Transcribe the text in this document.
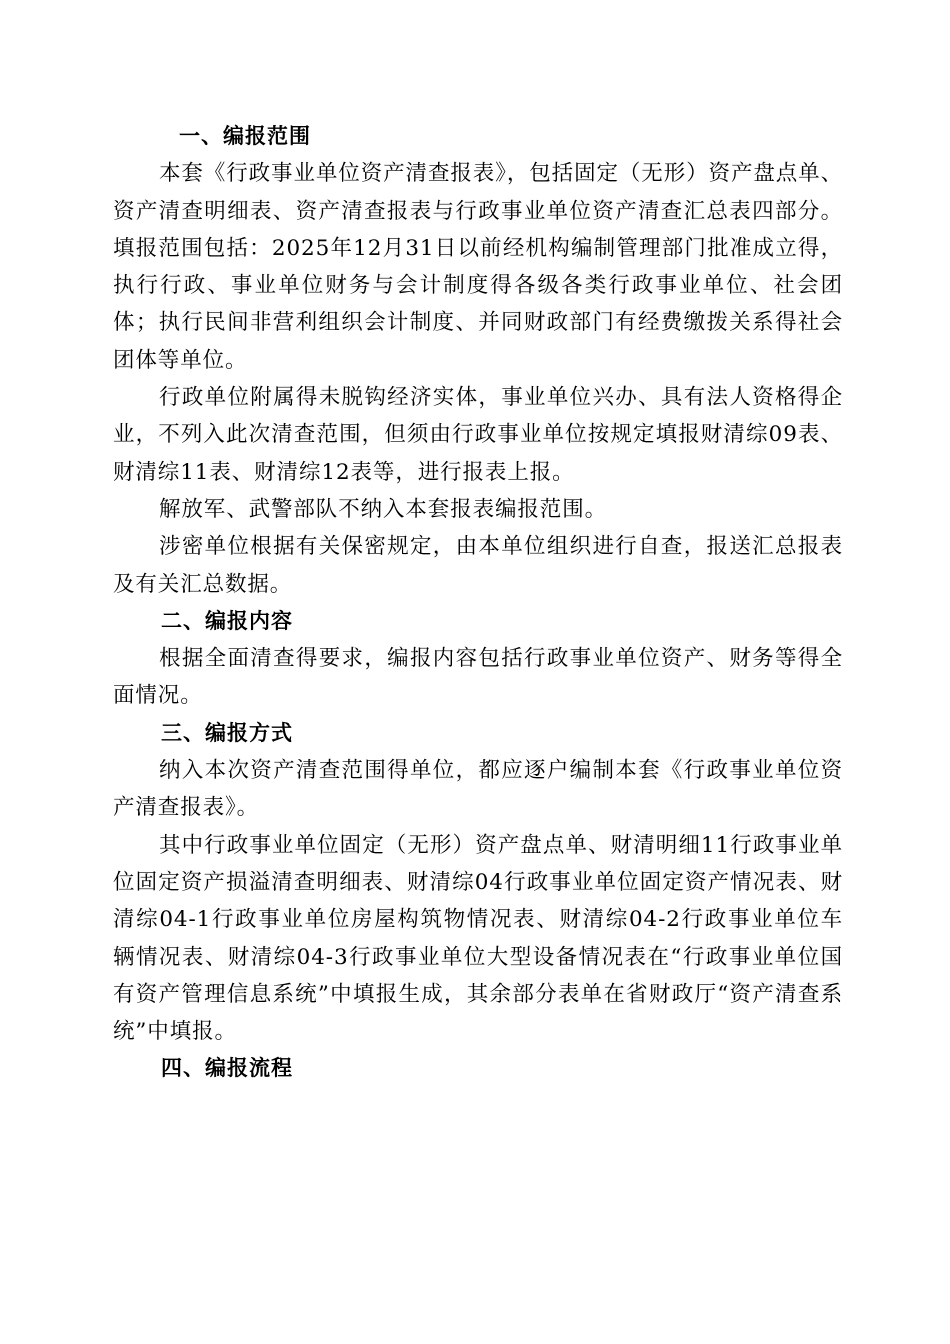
一、编报范围

本套《行政事业单位资产清查报表》，包括固定（无形）资产盘点单、资产清查明细表、资产清查报表与行政事业单位资产清查汇总表四部分。填报范围包括：2025年12月31日以前经机构编制管理部门批准成立得，执行行政、事业单位财务与会计制度得各级各类行政事业单位、社会团体；执行民间非营利组织会计制度、并同财政部门有经费缴拨关系得社会团体等单位。

行政单位附属得未脱钩经济实体，事业单位兴办、具有法人资格得企业，不列入此次清查范围，但须由行政事业单位按规定填报财清综09表、财清综11表、财清综12表等，进行报表上报。

解放军、武警部队不纳入本套报表编报范围。

涉密单位根据有关保密规定，由本单位组织进行自查，报送汇总报表及有关汇总数据。

二、编报内容

根据全面清查得要求，编报内容包括行政事业单位资产、财务等得全面情况。

三、编报方式

纳入本次资产清查范围得单位，都应逐户编制本套《行政事业单位资产清查报表》。

其中行政事业单位固定（无形）资产盘点单、财清明细11行政事业单位固定资产损溢清查明细表、财清综04行政事业单位固定资产情况表、财清综04-1行政事业单位房屋构筑物情况表、财清综04-2行政事业单位车辆情况表、财清综04-3行政事业单位大型设备情况表在“行政事业单位国有资产管理信息系统”中填报生成，其余部分表单在省财政厅“资产清查系统”中填报。

四、编报流程
